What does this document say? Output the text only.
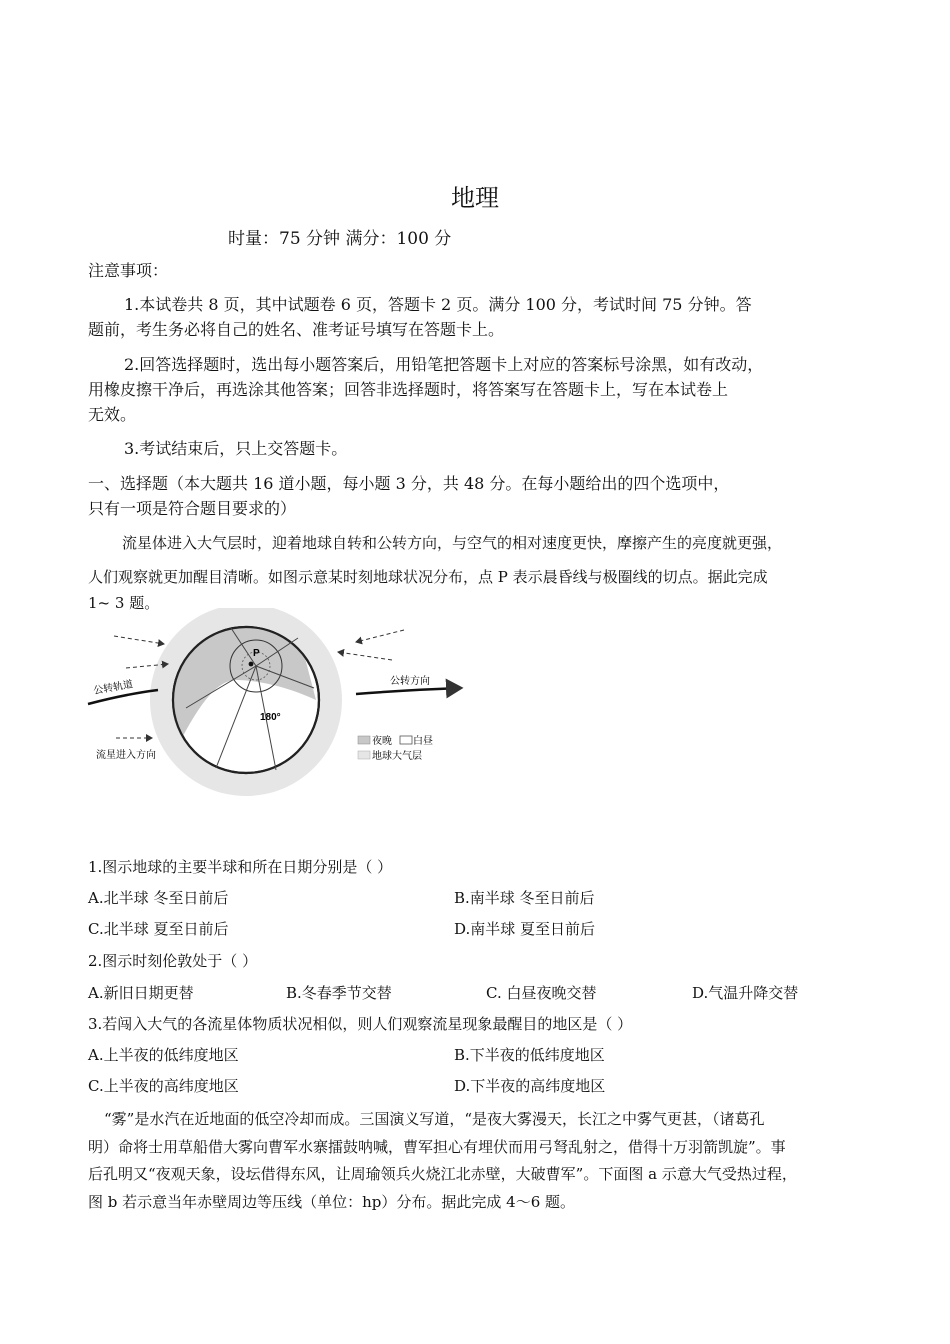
地理
时量：75 分钟 满分：100 分
注意事项：
1.本试卷共 8 页，其中试题卷 6 页，答题卡 2 页。满分 100 分，考试时间 75 分钟。答
题前，考生务必将自己的姓名、准考证号填写在答题卡上。
2.回答选择题时，选出每小题答案后，用铅笔把答题卡上对应的答案标号涂黑，如有改动，
用橡皮擦干净后，再选涂其他答案；回答非选择题时，将答案写在答题卡上，写在本试卷上
无效。
3.考试结束后，只上交答题卡。
一、选择题（本大题共 16 道小题，每小题 3 分，共 48 分。在每小题给出的四个选项中，
只有一项是符合题目要求的）
流星体进入大气层时，迎着地球自转和公转方向，与空气的相对速度更快，摩擦产生的亮度就更强，
人们观察就更加醒目清晰。如图示意某时刻地球状况分布，点 P 表示晨昏线与极圈线的切点。据此完成
1~ 3 题。
P
180°
公转轨道	公转方向
流星进入方向
夜晚 白昼
地球大气层
1.图示地球的主要半球和所在日期分别是（ ）
A.北半球 冬至日前后	B.南半球 冬至日前后
C.北半球 夏至日前后	D.南半球 夏至日前后
2.图示时刻伦敦处于（ ）
A.新旧日期更替	B.冬春季节交替	C. 白昼夜晚交替	D.气温升降交替
3.若闯入大气的各流星体物质状况相似，则人们观察流星现象最醒目的地区是（ ）
A.上半夜的低纬度地区	B.下半夜的低纬度地区
C.上半夜的高纬度地区	D.下半夜的高纬度地区
“雾”是水汽在近地面的低空冷却而成。三国演义写道，“是夜大雾漫天，长江之中雾气更甚，（诸葛孔
明）命将士用草船借大雾向曹军水寨擂鼓呐喊，曹军担心有埋伏而用弓弩乱射之，借得十万羽箭凯旋”。事
后孔明又“夜观天象，设坛借得东风，让周瑜领兵火烧江北赤壁，大破曹军”。下面图 a 示意大气受热过程，
图 b 若示意当年赤壁周边等压线（单位：hp）分布。据此完成 4～6 题。
